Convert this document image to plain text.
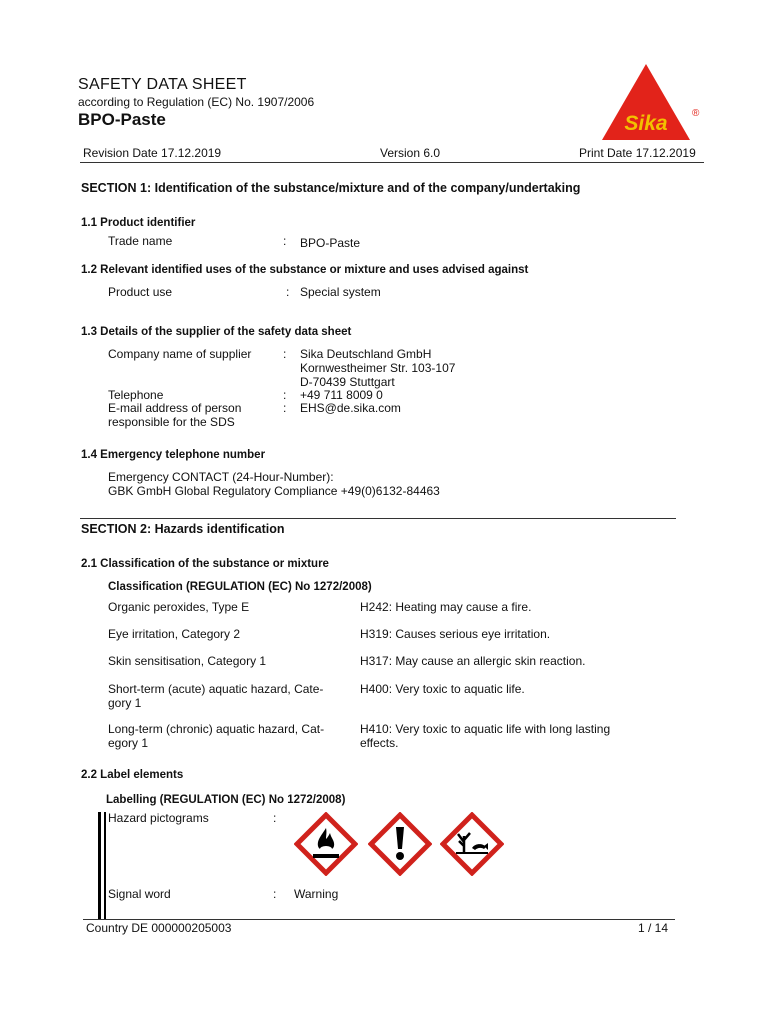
SAFETY DATA SHEET
according to Regulation (EC) No. 1907/2006
BPO-Paste	Sika ®
Revision Date 17.12.2019	Version 6.0	Print Date 17.12.2019
SECTION 1: Identification of the substance/mixture and of the company/undertaking
1.1 Product identifier
Trade name	: BPO-Paste
1.2 Relevant identified uses of the substance or mixture and uses advised against
Product use	: Special system
1.3 Details of the supplier of the safety data sheet
Company name of supplier	: Sika Deutschland GmbH
Kornwestheimer Str. 103-107
D-70439 Stuttgart
Telephone	: +49 711 8009 0
E-mail address of person
responsible for the SDS
: EHS@de.sika.com
1.4 Emergency telephone number
Emergency CONTACT (24-Hour-Number):
GBK GmbH Global Regulatory Compliance +49(0)6132-84463
SECTION 2: Hazards identification
2.1 Classification of the substance or mixture
Classification (REGULATION (EC) No 1272/2008)
Organic peroxides, Type E	H242: Heating may cause a fire.
Eye irritation, Category 2	H319: Causes serious eye irritation.
Skin sensitisation, Category 1	H317: May cause an allergic skin reaction.
Short-term (acute) aquatic hazard, Cate-
gory 1
H400: Very toxic to aquatic life.
Long-term (chronic) aquatic hazard, Cat-
egory 1
H410: Very toxic to aquatic life with long lasting
effects.
2.2 Label elements
Labelling (REGULATION (EC) No 1272/2008)
Hazard pictograms	:
Signal word	: Warning
Country DE 000000205003	1 / 14
